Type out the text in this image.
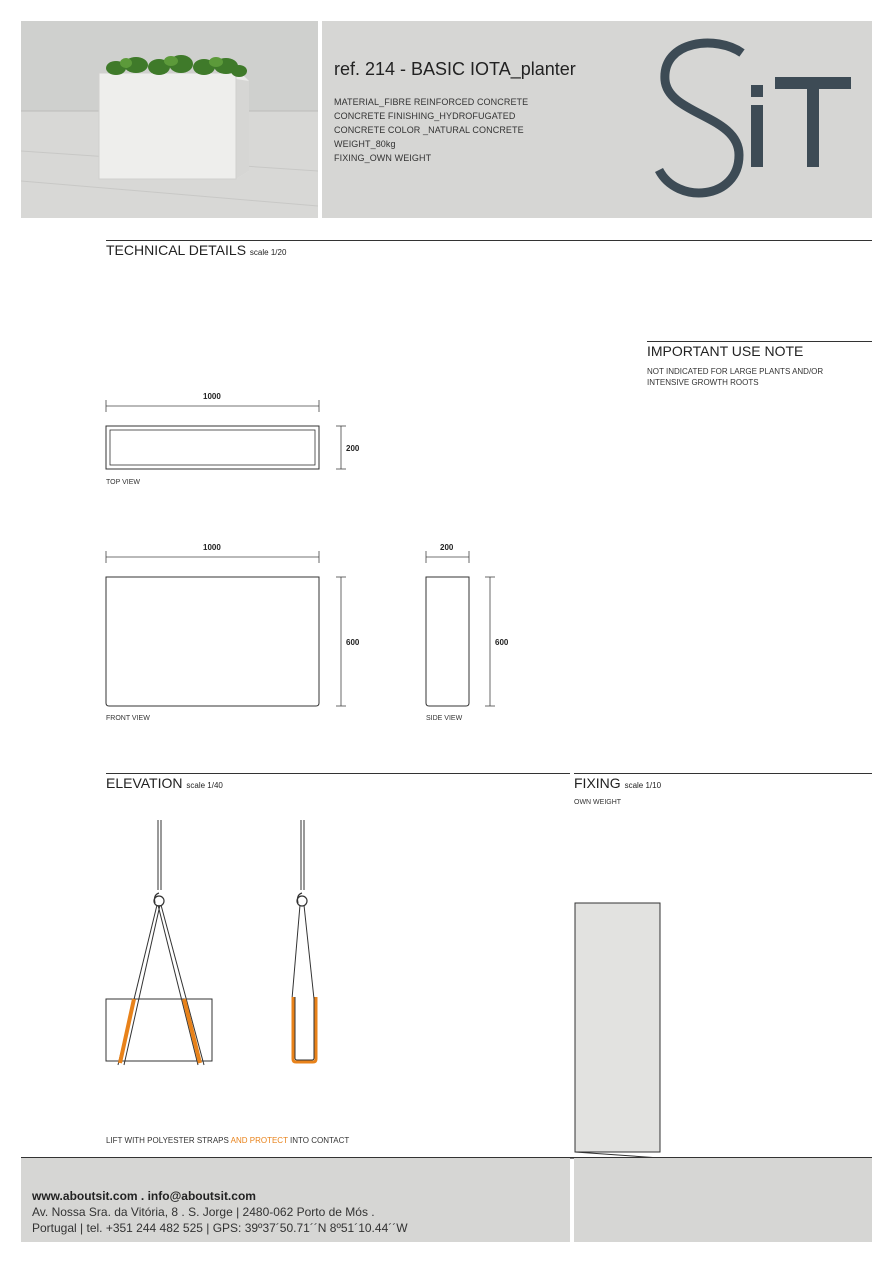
ref. 214 - BASIC IOTA_planter
MATERIAL_FIBRE REINFORCED CONCRETE
CONCRETE FINISHING_HYDROFUGATED
CONCRETE COLOR _NATURAL CONCRETE
WEIGHT_80kg
FIXING_OWN WEIGHT
TECHNICAL DETAILS scale 1/20
IMPORTANT USE NOTE
NOT INDICATED FOR LARGE PLANTS AND/OR
INTENSIVE GROWTH ROOTS
1000
200
TOP VIEW
1000
600
FRONT VIEW
200
600
SIDE VIEW
ELEVATION scale 1/40
LIFT WITH POLYESTER STRAPS AND PROTECT INTO CONTACT
FIXING scale 1/10
OWN WEIGHT
www.aboutsit.com . info@aboutsit.com
Av. Nossa Sra. da Vitória, 8 . S. Jorge | 2480-062 Porto de Mós .
Portugal | tel. +351 244 482 525 | GPS: 39º37´50.71´´N 8º51´10.44´´W
